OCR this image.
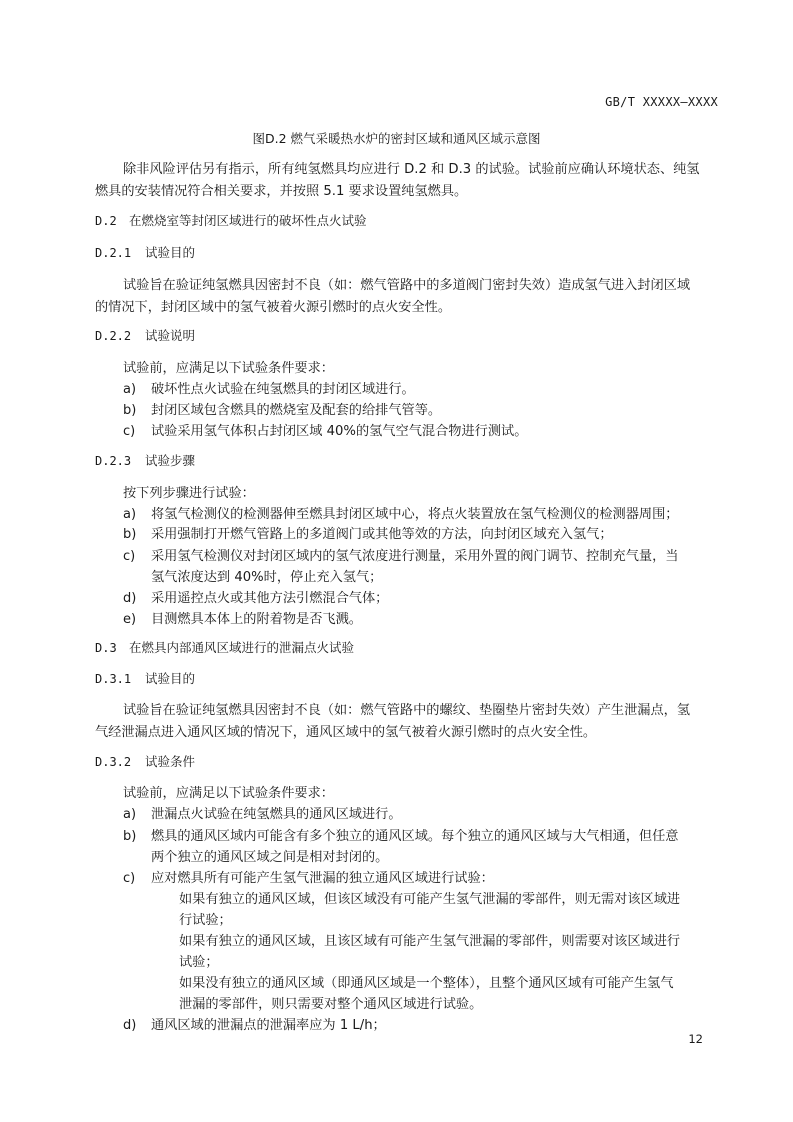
GB/T XXXXX—XXXX
图D.2 燃气采暖热水炉的密封区域和通风区域示意图
除非风险评估另有指示，所有纯氢燃具均应进行 D.2 和 D.3 的试验。试验前应确认环境状态、纯氢
燃具的安装情况符合相关要求，并按照 5.1 要求设置纯氢燃具。
D.2 在燃烧室等封闭区域进行的破坏性点火试验
D.2.1 试验目的
试验旨在验证纯氢燃具因密封不良（如：燃气管路中的多道阀门密封失效）造成氢气进入封闭区域
的情况下，封闭区域中的氢气被着火源引燃时的点火安全性。
D.2.2 试验说明
试验前，应满足以下试验条件要求：
a) 破坏性点火试验在纯氢燃具的封闭区域进行。
b) 封闭区域包含燃具的燃烧室及配套的给排气管等。
c) 试验采用氢气体积占封闭区域 40%的氢气空气混合物进行测试。
D.2.3 试验步骤
按下列步骤进行试验：
a) 将氢气检测仪的检测器伸至燃具封闭区域中心，将点火装置放在氢气检测仪的检测器周围；
b) 采用强制打开燃气管路上的多道阀门或其他等效的方法，向封闭区域充入氢气；
c) 采用氢气检测仪对封闭区域内的氢气浓度进行测量，采用外置的阀门调节、控制充气量，当
氢气浓度达到 40%时，停止充入氢气；
d) 采用遥控点火或其他方法引燃混合气体；
e) 目测燃具本体上的附着物是否飞溅。
D.3 在燃具内部通风区域进行的泄漏点火试验
D.3.1 试验目的
试验旨在验证纯氢燃具因密封不良（如：燃气管路中的螺纹、垫圈垫片密封失效）产生泄漏点，氢
气经泄漏点进入通风区域的情况下，通风区域中的氢气被着火源引燃时的点火安全性。
D.3.2 试验条件
试验前，应满足以下试验条件要求：
a) 泄漏点火试验在纯氢燃具的通风区域进行。
b) 燃具的通风区域内可能含有多个独立的通风区域。每个独立的通风区域与大气相通，但任意
两个独立的通风区域之间是相对封闭的。
c) 应对燃具所有可能产生氢气泄漏的独立通风区域进行试验：
如果有独立的通风区域，但该区域没有可能产生氢气泄漏的零部件，则无需对该区域进
行试验；
如果有独立的通风区域，且该区域有可能产生氢气泄漏的零部件，则需要对该区域进行
试验；
如果没有独立的通风区域（即通风区域是一个整体），且整个通风区域有可能产生氢气
泄漏的零部件，则只需要对整个通风区域进行试验。
d) 通风区域的泄漏点的泄漏率应为 1 L/h；
12
